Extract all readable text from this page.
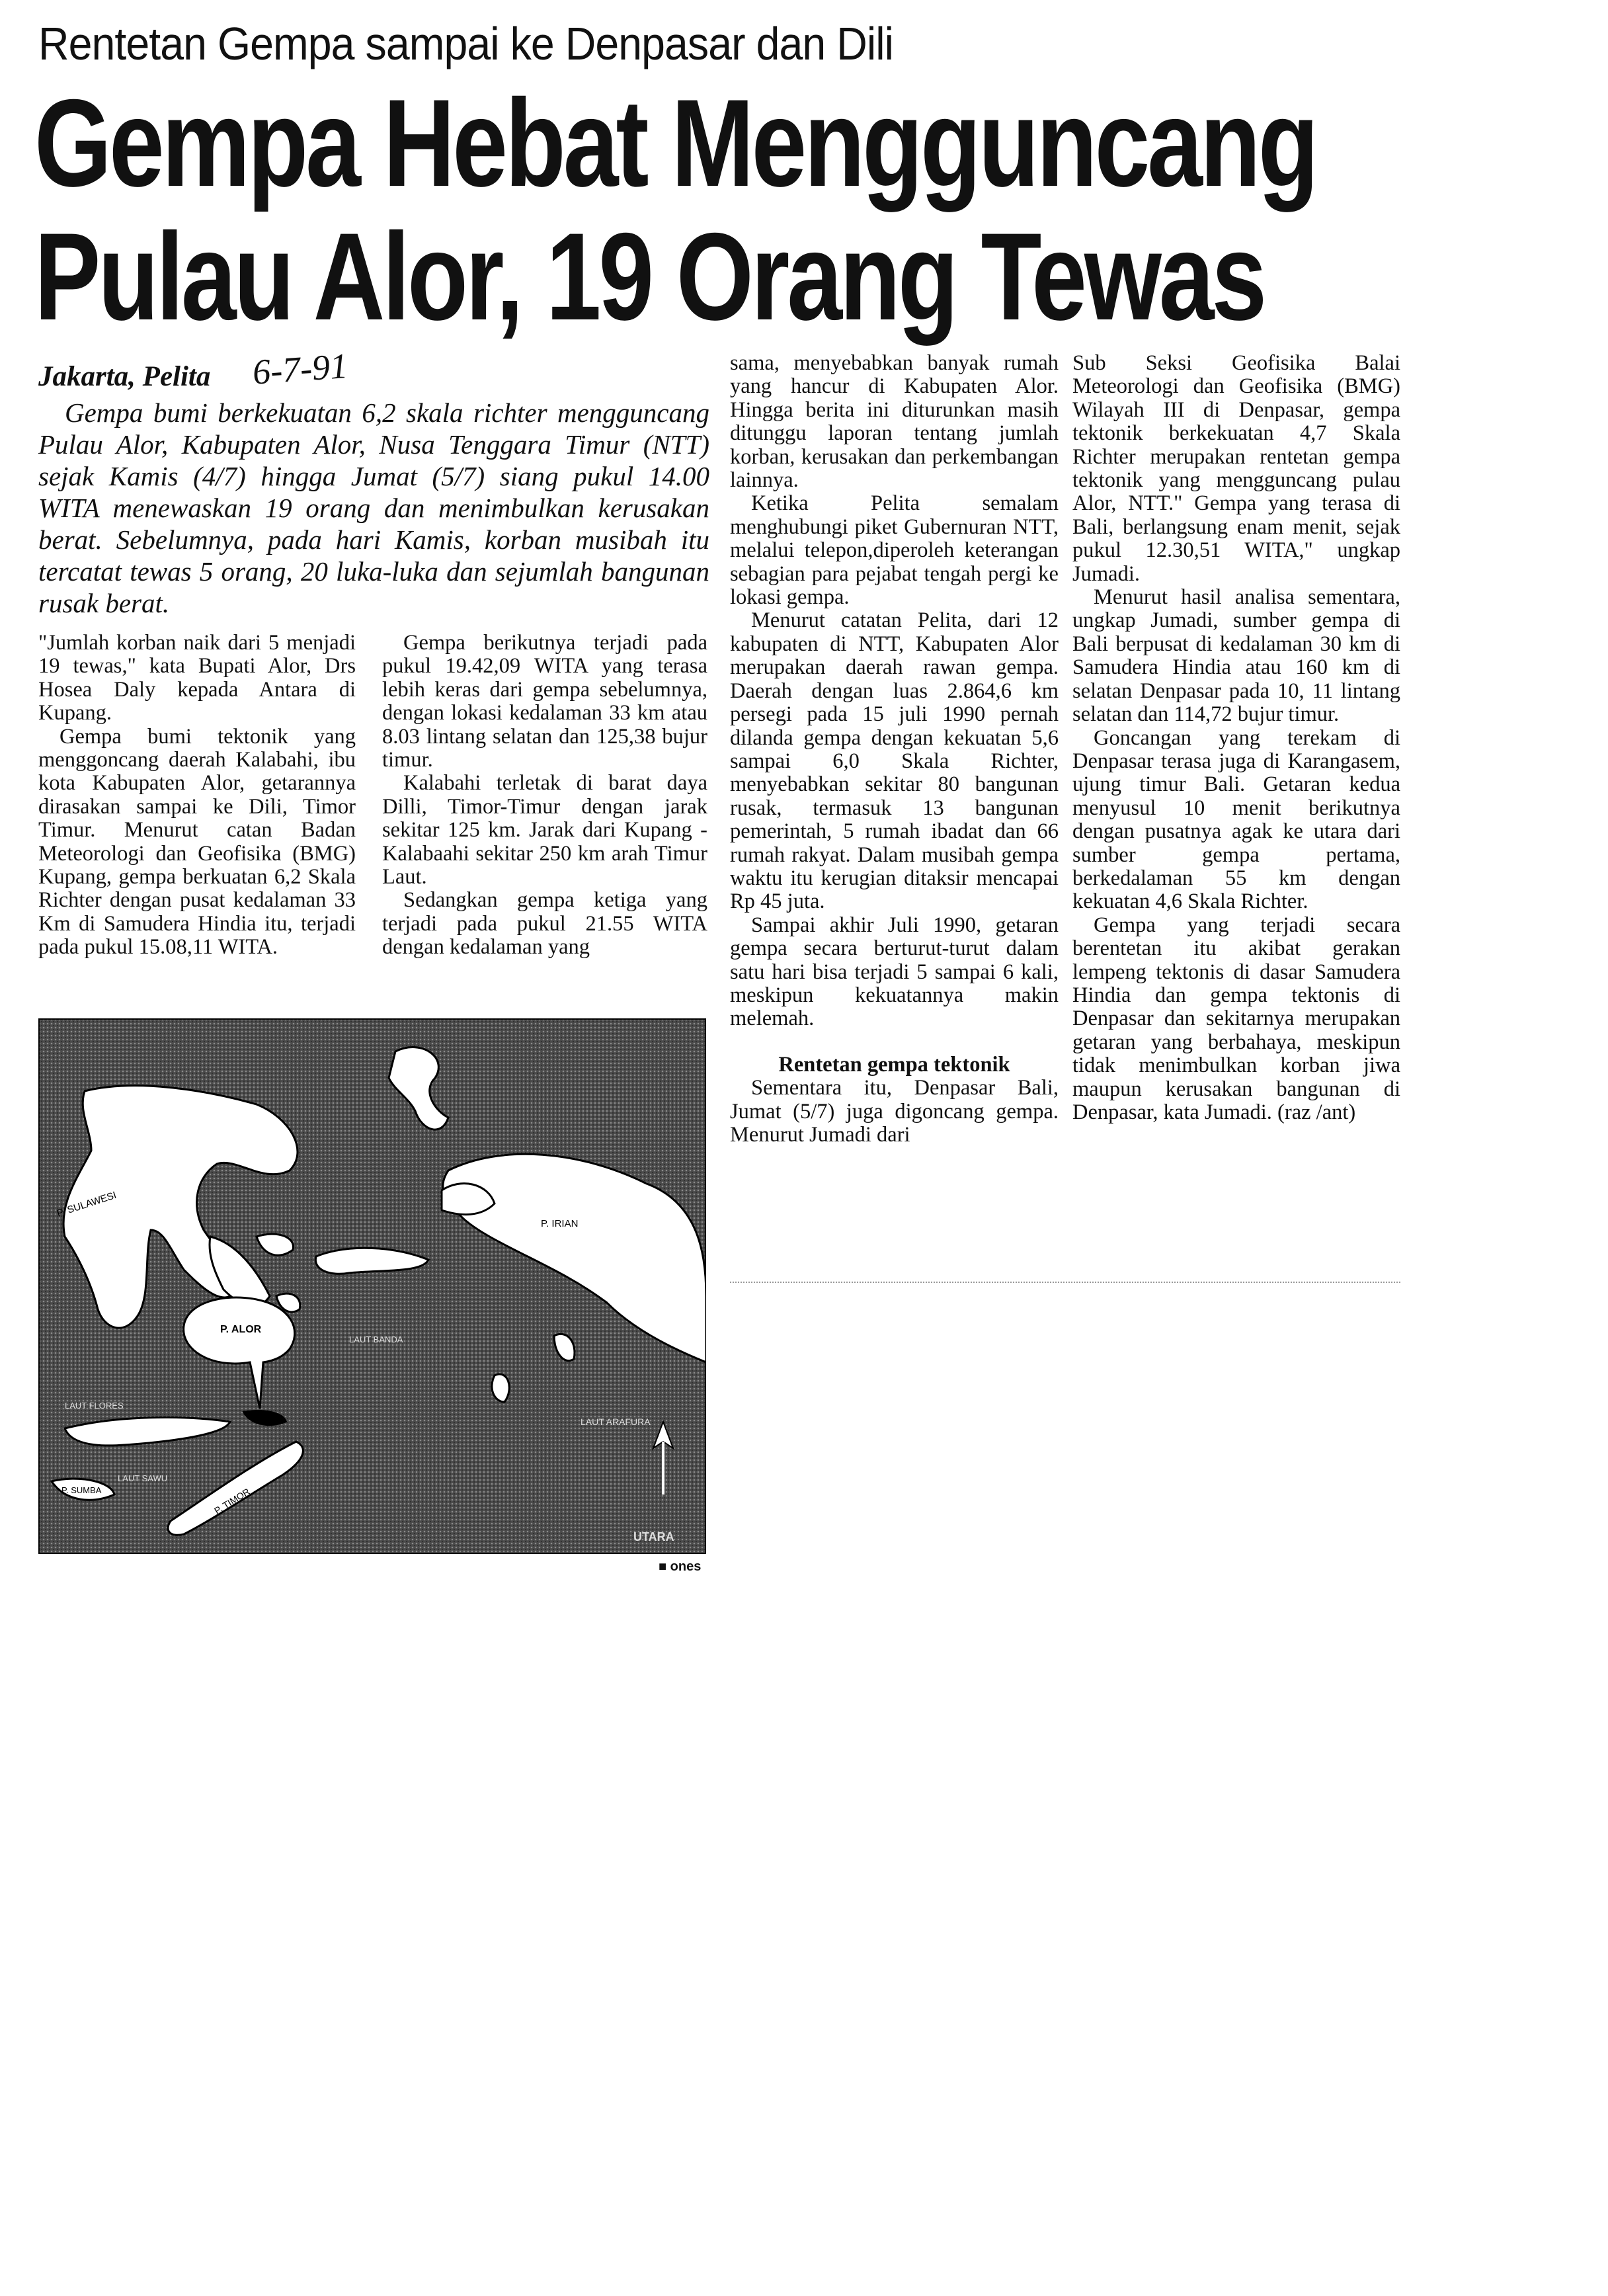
Rentetan Gempa sampai ke Denpasar dan Dili
Gempa Hebat Mengguncang
Pulau Alor, 19 Orang Tewas
Jakarta, Pelita 6-7-91

Gempa bumi berkekuatan 6,2 skala richter mengguncang Pulau Alor, Kabupaten Alor, Nusa Tenggara Timur (NTT) sejak Kamis (4/7) hingga Jumat (5/7) siang pukul 14.00 WITA menewaskan 19 orang dan menimbulkan kerusakan berat. Sebelumnya, pada hari Kamis, korban musibah itu tercatat tewas 5 orang, 20 luka-luka dan sejumlah bangunan rusak berat.

"Jumlah korban naik dari 5 menjadi 19 tewas," kata Bupati Alor, Drs Hosea Daly kepada Antara di Kupang.

Gempa bumi tektonik yang menggoncang daerah Kalabahi, ibu kota Kabupaten Alor, getarannya dirasakan sampai ke Dili, Timor Timur. Menurut catan Badan Meteorologi dan Geofisika (BMG) Kupang, gempa berkuatan 6,2 Skala Richter dengan pusat kedalaman 33 Km di Samudera Hindia itu, terjadi pada pukul 15.08,11 WITA.

Gempa berikutnya terjadi pada pukul 19.42,09 WITA yang terasa lebih keras dari gempa sebelumnya, dengan lokasi kedalaman 33 km atau 8.03 lintang selatan dan 125,38 bujur timur.

Kalabahi terletak di barat daya Dilli, Timor-Timur dengan jarak sekitar 125 km. Jarak dari Kupang - Kalabaahi sekitar 250 km arah Timur Laut.

Sedangkan gempa ketiga yang terjadi pada pukul 21.55 WITA dengan kedalaman yang

sama, menyebabkan banyak rumah yang hancur di Kabupaten Alor. Hingga berita ini diturunkan masih ditunggu laporan tentang jumlah korban, kerusakan dan perkembangan lainnya.

Ketika Pelita semalam menghubungi piket Gubernuran NTT, melalui telepon,diperoleh keterangan sebagian para pejabat tengah pergi ke lokasi gempa.

Menurut catatan Pelita, dari 12 kabupaten di NTT, Kabupaten Alor merupakan daerah rawan gempa. Daerah dengan luas 2.864,6 km persegi pada 15 juli 1990 pernah dilanda gempa dengan kekuatan 5,6 sampai 6,0 Skala Richter, menyebabkan sekitar 80 bangunan rusak, termasuk 13 bangunan pemerintah, 5 rumah ibadat dan 66 rumah rakyat. Dalam musibah gempa waktu itu kerugian ditaksir mencapai Rp 45 juta.

Sampai akhir Juli 1990, getaran gempa secara berturut-turut dalam satu hari bisa terjadi 5 sampai 6 kali, meskipun kekuatannya makin melemah.

Rentetan gempa tektonik

Sementara itu, Denpasar Bali, Jumat (5/7) juga digoncang gempa. Menurut Jumadi dari

Sub Seksi Geofisika Balai Meteorologi dan Geofisika (BMG) Wilayah III di Denpasar, gempa tektonik berkekuatan 4,7 Skala Richter merupakan rentetan gempa tektonik yang mengguncang pulau Alor, NTT." Gempa yang terasa di Bali, berlangsung enam menit, sejak pukul 12.30,51 WITA," ungkap Jumadi.

Menurut hasil analisa sementara, ungkap Jumadi, sumber gempa di Bali berpusat di kedalaman 30 km di Samudera Hindia atau 160 km di selatan Denpasar pada 10, 11 lintang selatan dan 114,72 bujur timur.

Goncangan yang terekam di Denpasar terasa juga di Karangasem, ujung timur Bali. Getaran kedua menyusul 10 menit berikutnya dengan pusatnya agak ke utara dari sumber gempa pertama, berkedalaman 55 km dengan kekuatan 4,6 Skala Richter.

Gempa yang terjadi secara berentetan itu akibat gerakan lempeng tektonis di dasar Samudera Hindia dan gempa tektonis di Denpasar dan sekitarnya merupakan getaran yang berbahaya, meskipun tidak menimbulkan korban jiwa maupun kerusakan bangunan di Denpasar, kata Jumadi. (raz /ant)

P. SULAWESI
P. IRIAN
P. ALOR
P. TIMOR
P. SUMBA
LAUT ARAFURA
LAUT BANDA
LAUT FLORES
LAUT SAWU
UTARA
■ ones
